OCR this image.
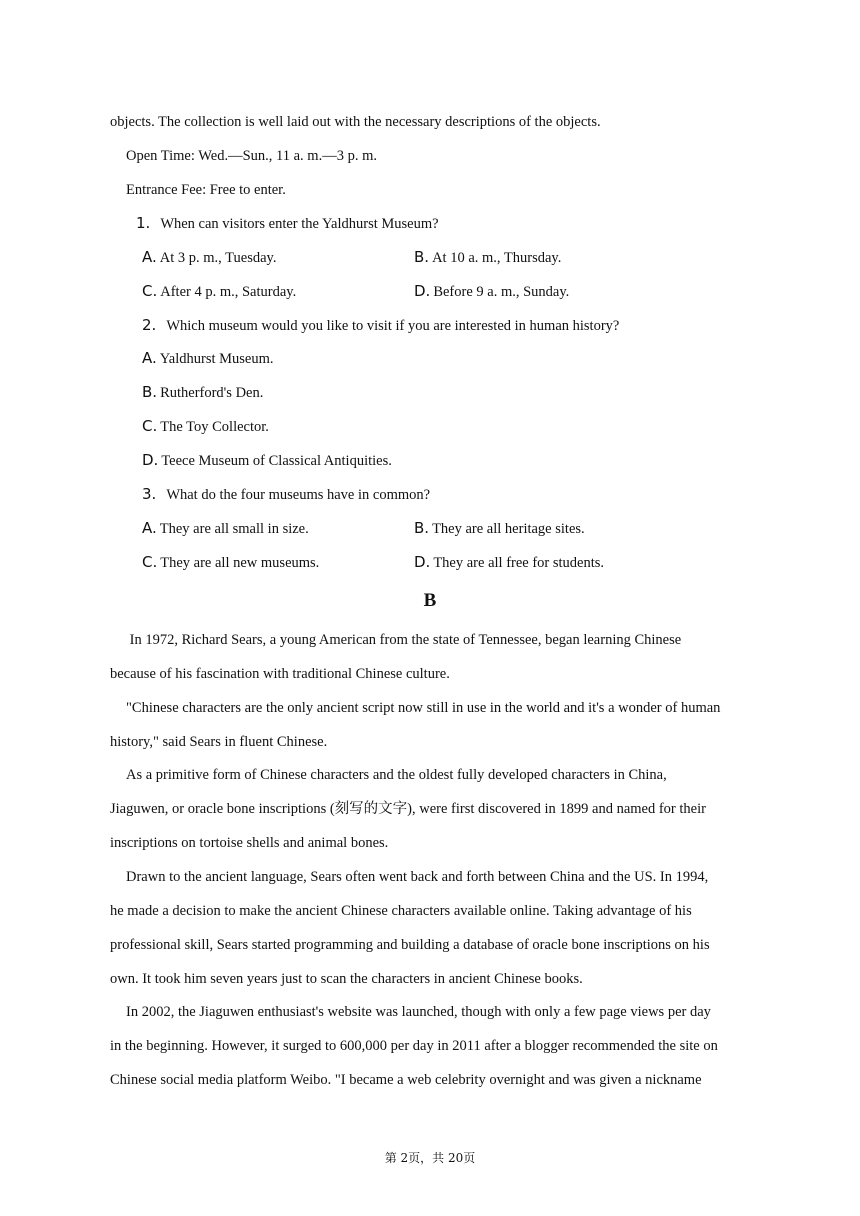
objects. The collection is well laid out with the necessary descriptions of the objects.
Open Time: Wed.—Sun., 11 a. m.—3 p. m.
Entrance Fee: Free to enter.
1. When can visitors enter the Yaldhurst Museum?
A. At 3 p. m., Tuesday.	B. At 10 a. m., Thursday.
C. After 4 p. m., Saturday.	D. Before 9 a. m., Sunday.
2. Which museum would you like to visit if you are interested in human history?
A. Yaldhurst Museum.
B. Rutherford's Den.
C. The Toy Collector.
D. Teece Museum of Classical Antiquities.
3. What do the four museums have in common?
A. They are all small in size.	B. They are all heritage sites.
C. They are all new museums.	D. They are all free for students.
B
In 1972, Richard Sears, a young American from the state of Tennessee, began learning Chinese
because of his fascination with traditional Chinese culture.
"Chinese characters are the only ancient script now still in use in the world and it's a wonder of human
history," said Sears in fluent Chinese.
As a primitive form of Chinese characters and the oldest fully developed characters in China,
Jiaguwen, or oracle bone inscriptions (刻写的文字), were first discovered in 1899 and named for their
inscriptions on tortoise shells and animal bones.
Drawn to the ancient language, Sears often went back and forth between China and the US. In 1994,
he made a decision to make the ancient Chinese characters available online. Taking advantage of his
professional skill, Sears started programming and building a database of oracle bone inscriptions on his
own. It took him seven years just to scan the characters in ancient Chinese books.
In 2002, the Jiaguwen enthusiast's website was launched, though with only a few page views per day
in the beginning. However, it surged to 600,000 per day in 2011 after a blogger recommended the site on
Chinese social media platform Weibo. "I became a web celebrity overnight and was given a nickname
第 2页，共 20页
